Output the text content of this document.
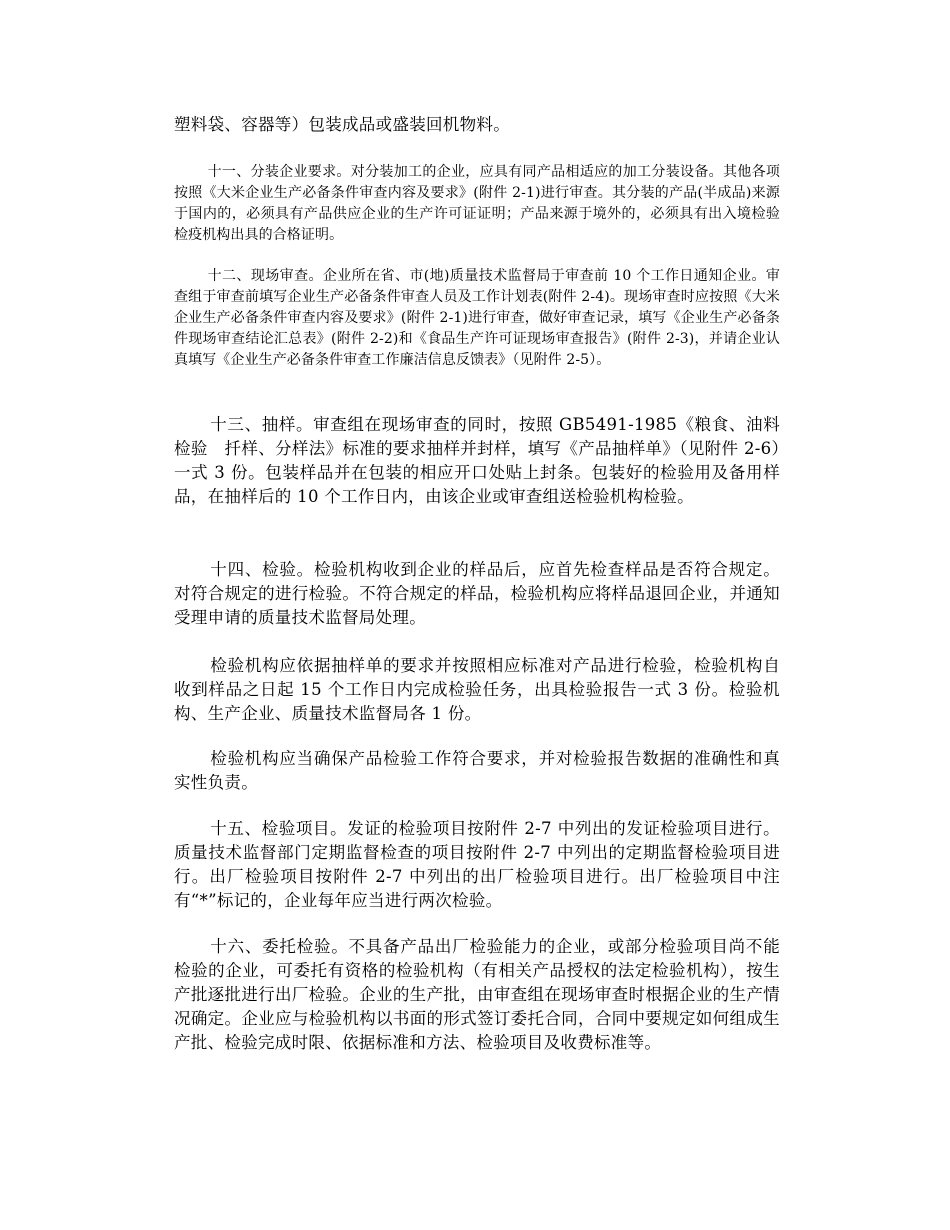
塑料袋、容器等）包装成品或盛装回机物料。

十一、分装企业要求。对分装加工的企业，应具有同产品相适应的加工分装设备。其他各项按照《大米企业生产必备条件审查内容及要求》(附件 2-1)进行审查。其分装的产品(半成品)来源于国内的，必须具有产品供应企业的生产许可证证明；产品来源于境外的，必须具有出入境检验检疫机构出具的合格证明。

十二、现场审查。企业所在省、市(地)质量技术监督局于审查前 10 个工作日通知企业。审查组于审查前填写企业生产必备条件审查人员及工作计划表(附件 2-4)。现场审查时应按照《大米企业生产必备条件审查内容及要求》(附件 2-1)进行审查，做好审查记录，填写《企业生产必备条件现场审查结论汇总表》(附件 2-2)和《食品生产许可证现场审查报告》(附件 2-3)，并请企业认真填写《企业生产必备条件审查工作廉洁信息反馈表》（见附件 2-5）。

十三、抽样。审查组在现场审查的同时，按照 GB5491-1985《粮食、油料检验　扦样、分样法》标准的要求抽样并封样，填写《产品抽样单》（见附件 2-6）一式 3 份。包装样品并在包装的相应开口处贴上封条。包装好的检验用及备用样品，在抽样后的 10 个工作日内，由该企业或审查组送检验机构检验。

十四、检验。检验机构收到企业的样品后，应首先检查样品是否符合规定。对符合规定的进行检验。不符合规定的样品，检验机构应将样品退回企业，并通知受理申请的质量技术监督局处理。

检验机构应依据抽样单的要求并按照相应标准对产品进行检验，检验机构自收到样品之日起 15 个工作日内完成检验任务，出具检验报告一式 3 份。检验机构、生产企业、质量技术监督局各 1 份。

检验机构应当确保产品检验工作符合要求，并对检验报告数据的准确性和真实性负责。

十五、检验项目。发证的检验项目按附件 2-7 中列出的发证检验项目进行。质量技术监督部门定期监督检查的项目按附件 2-7 中列出的定期监督检验项目进行。出厂检验项目按附件 2-7 中列出的出厂检验项目进行。出厂检验项目中注有“*”标记的，企业每年应当进行两次检验。

十六、委托检验。不具备产品出厂检验能力的企业，或部分检验项目尚不能检验的企业，可委托有资格的检验机构（有相关产品授权的法定检验机构），按生产批逐批进行出厂检验。企业的生产批，由审查组在现场审查时根据企业的生产情况确定。企业应与检验机构以书面的形式签订委托合同，合同中要规定如何组成生产批、检验完成时限、依据标准和方法、检验项目及收费标准等。
